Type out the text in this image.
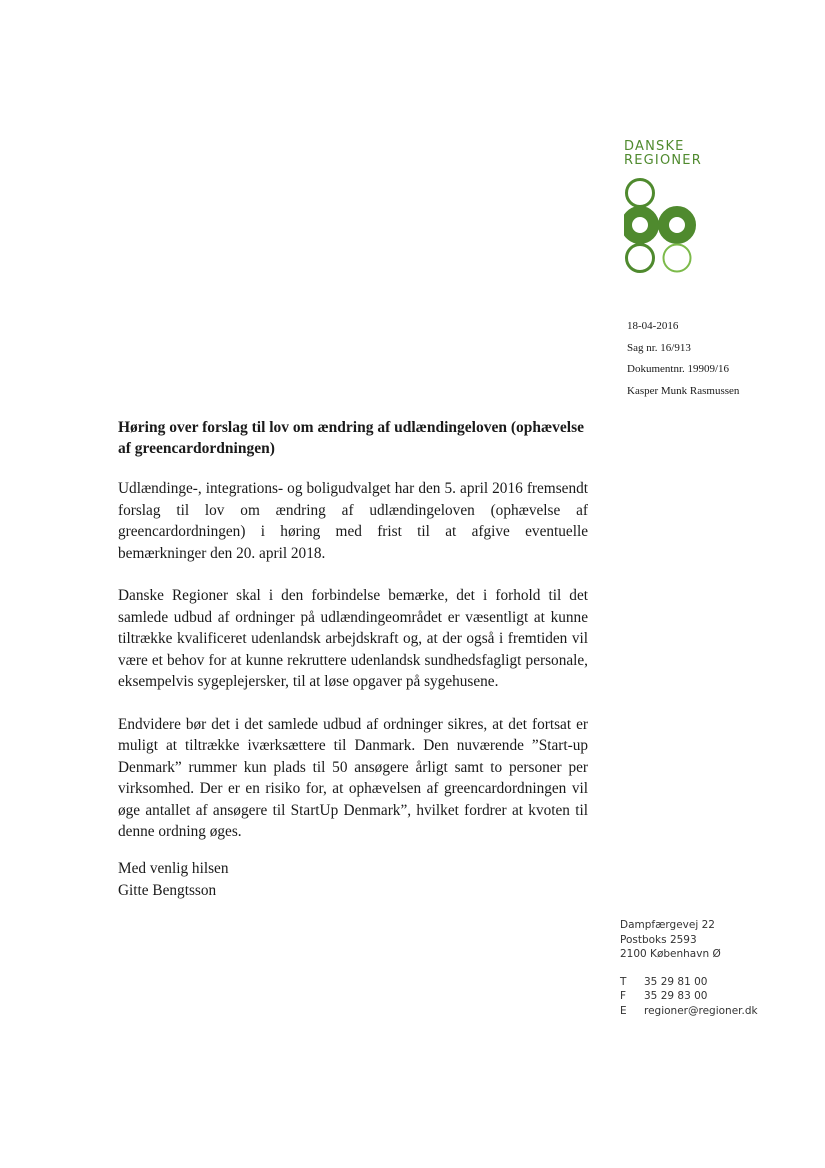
DANSKE
REGIONER
18-04-2016
Sag nr. 16/913
Dokumentnr. 19909/16
Kasper Munk Rasmussen
Høring over forslag til lov om ændring af udlændingeloven (ophævelse af greencardordningen)

Udlændinge-, integrations- og boligudvalget har den 5. april 2016 fremsendt forslag til lov om ændring af udlændingeloven (ophævelse af greencardordningen) i høring med frist til at afgive eventuelle bemærkninger den 20. april 2018.

Danske Regioner skal i den forbindelse bemærke, det i forhold til det samlede udbud af ordninger på udlændingeområdet er væsentligt at kunne tiltrække kvalificeret udenlandsk arbejdskraft og, at der også i fremtiden vil være et behov for at kunne rekruttere udenlandsk sundhedsfagligt personale, eksempelvis sygeplejersker, til at løse opgaver på sygehusene.

Endvidere bør det i det samlede udbud af ordninger sikres, at det fortsat er muligt at tiltrække iværksættere til Danmark. Den nuværende ”Start-up Denmark” rummer kun plads til 50 ansøgere årligt samt to personer per virksomhed. Der er en risiko for, at ophævelsen af greencardordningen vil øge antallet af ansøgere til StartUp Denmark”, hvilket fordrer at kvoten til denne ordning øges.

Med venlig hilsen
Gitte Bengtsson
Dampfærgevej 22
Postboks 2593
2100 København Ø
T	35 29 81 00
F	35 29 83 00
E	regioner@regioner.dk
